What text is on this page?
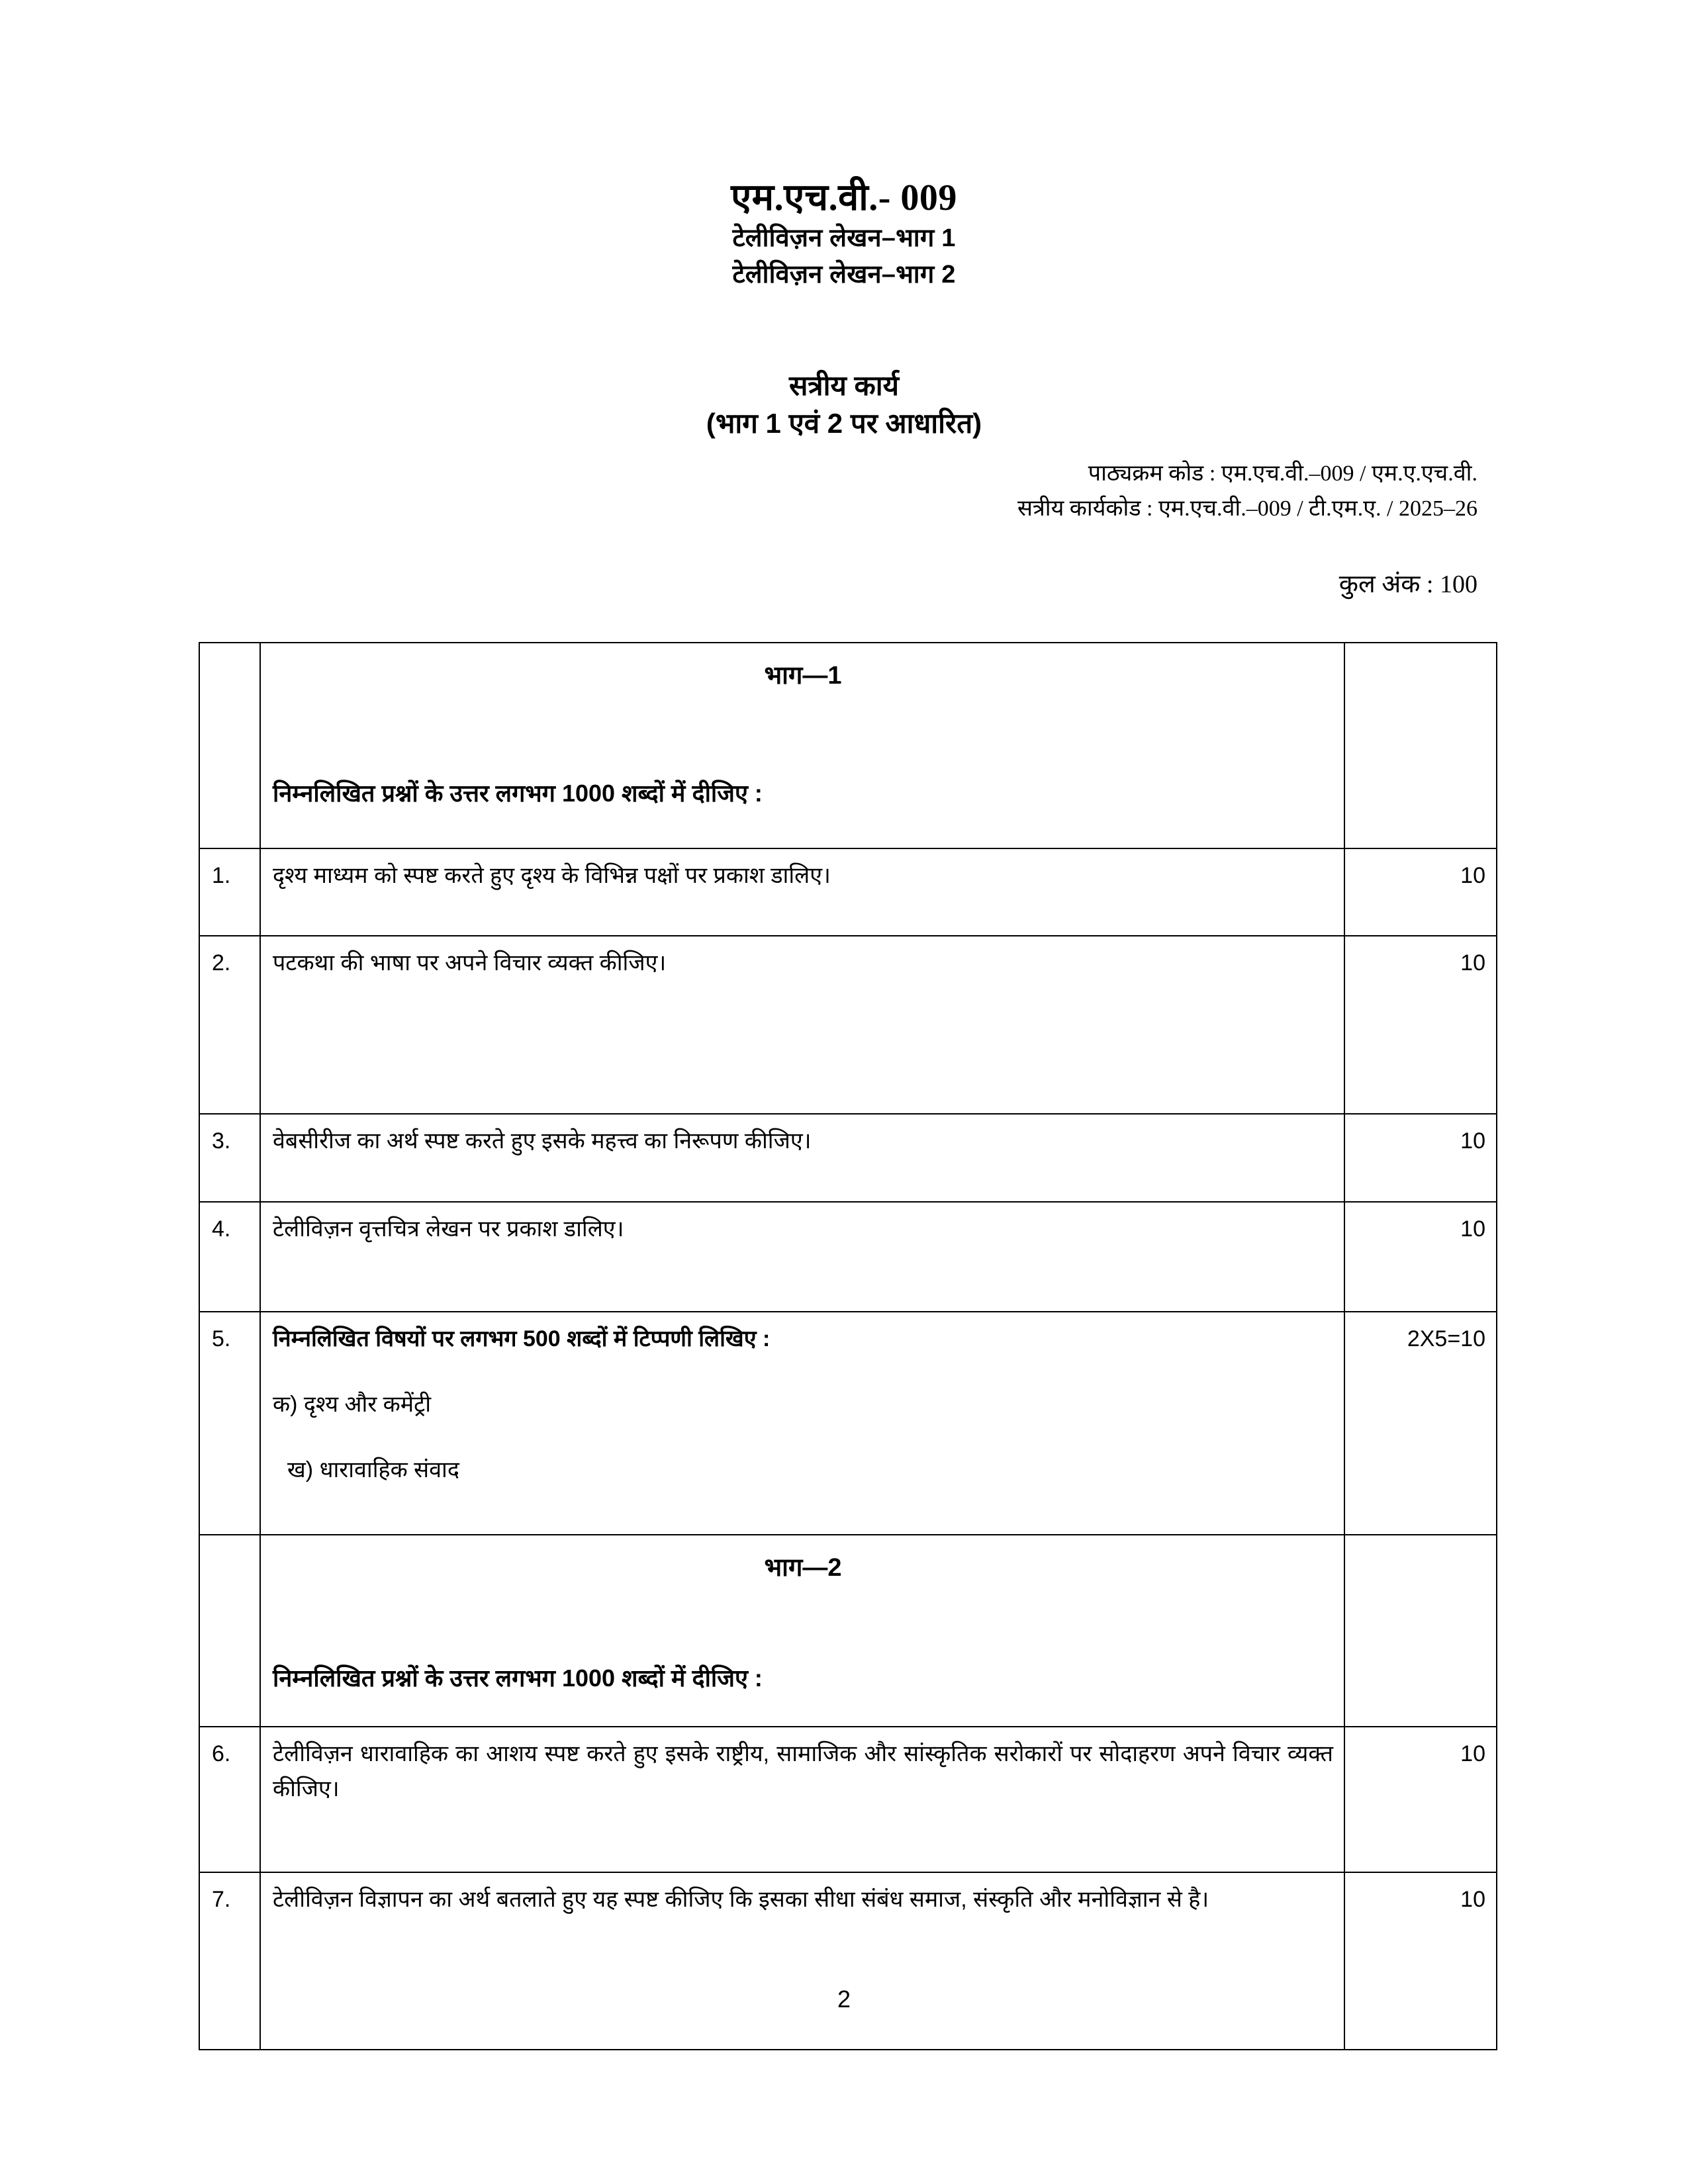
एम.एच.वी.- 009
टेलीविज़न लेखन–भाग 1
टेलीविज़न लेखन–भाग 2
सत्रीय कार्य
(भाग 1 एवं 2 पर आधारित)
पाठ्यक्रम कोड : एम.एच.वी.–009 / एम.ए.एच.वी.
सत्रीय कार्यकोड : एम.एच.वी.–009 / टी.एम.ए. / 2025–26
कुल अंक : 100

	भाग—1

निम्नलिखित प्रश्नों के उत्तर लगभग 1000 शब्दों में दीजिए :	

1.	दृश्य माध्यम को स्पष्ट करते हुए दृश्य के विभिन्न पक्षों पर प्रकाश डालिए।	10
2.	पटकथा की भाषा पर अपने विचार व्यक्त कीजिए।	10
3.	वेबसीरीज का अर्थ स्पष्ट करते हुए इसके महत्त्व का निरूपण कीजिए।	10
4.	टेलीविज़न वृत्तचित्र लेखन पर प्रकाश डालिए।	10
5.	निम्नलिखित विषयों पर लगभग 500 शब्दों में टिप्पणी लिखिए :

क) दृश्य और कमेंट्री

ख) धारावाहिक संवाद	2X5=10

	भाग—2

निम्नलिखित प्रश्नों के उत्तर लगभग 1000 शब्दों में दीजिए :	

6.	टेलीविज़न धारावाहिक का आशय स्पष्ट करते हुए इसके राष्ट्रीय, सामाजिक और सांस्कृतिक सरोकारों पर सोदाहरण अपने विचार व्यक्त कीजिए।	10
7.	टेलीविज़न विज्ञापन का अर्थ बतलाते हुए यह स्पष्ट कीजिए कि इसका सीधा संबंध समाज, संस्कृति और मनोविज्ञान से है।	10
2
